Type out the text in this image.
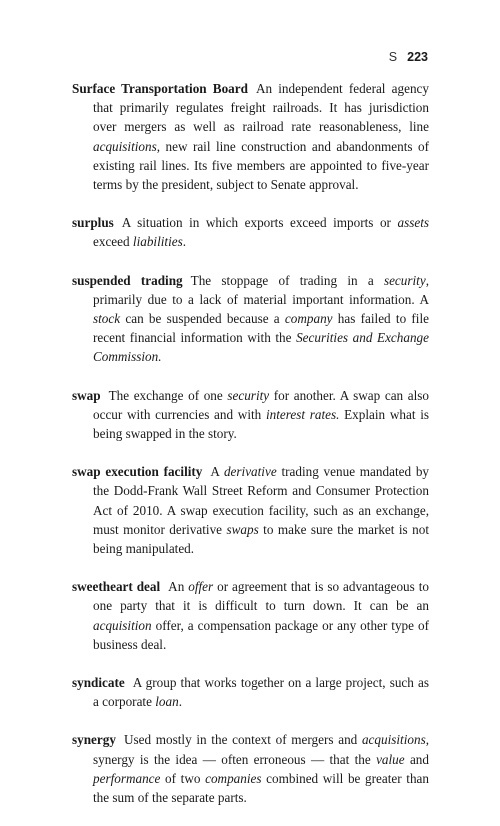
S 223

Surface Transportation Board An independent federal agency that primarily regulates freight railroads. It has jurisdiction over mergers as well as railroad rate reasonableness, line acquisitions, new rail line construction and abandonments of existing rail lines. Its five members are appointed to five-year terms by the president, subject to Senate approval.

surplus A situation in which exports exceed imports or assets exceed liabilities.

suspended trading The stoppage of trading in a security, primarily due to a lack of material important information. A stock can be suspended because a company has failed to file recent financial information with the Securities and Exchange Commission.

swap The exchange of one security for another. A swap can also occur with currencies and with interest rates. Explain what is being swapped in the story.

swap execution facility A derivative trading venue mandated by the Dodd-Frank Wall Street Reform and Consumer Protection Act of 2010. A swap execution facility, such as an exchange, must monitor derivative swaps to make sure the market is not being manipulated.

sweetheart deal An offer or agreement that is so advantageous to one party that it is difficult to turn down. It can be an acquisition offer, a compensation package or any other type of business deal.

syndicate A group that works together on a large project, such as a corporate loan.

synergy Used mostly in the context of mergers and acquisitions, synergy is the idea — often erroneous — that the value and performance of two companies combined will be greater than the sum of the separate parts.
